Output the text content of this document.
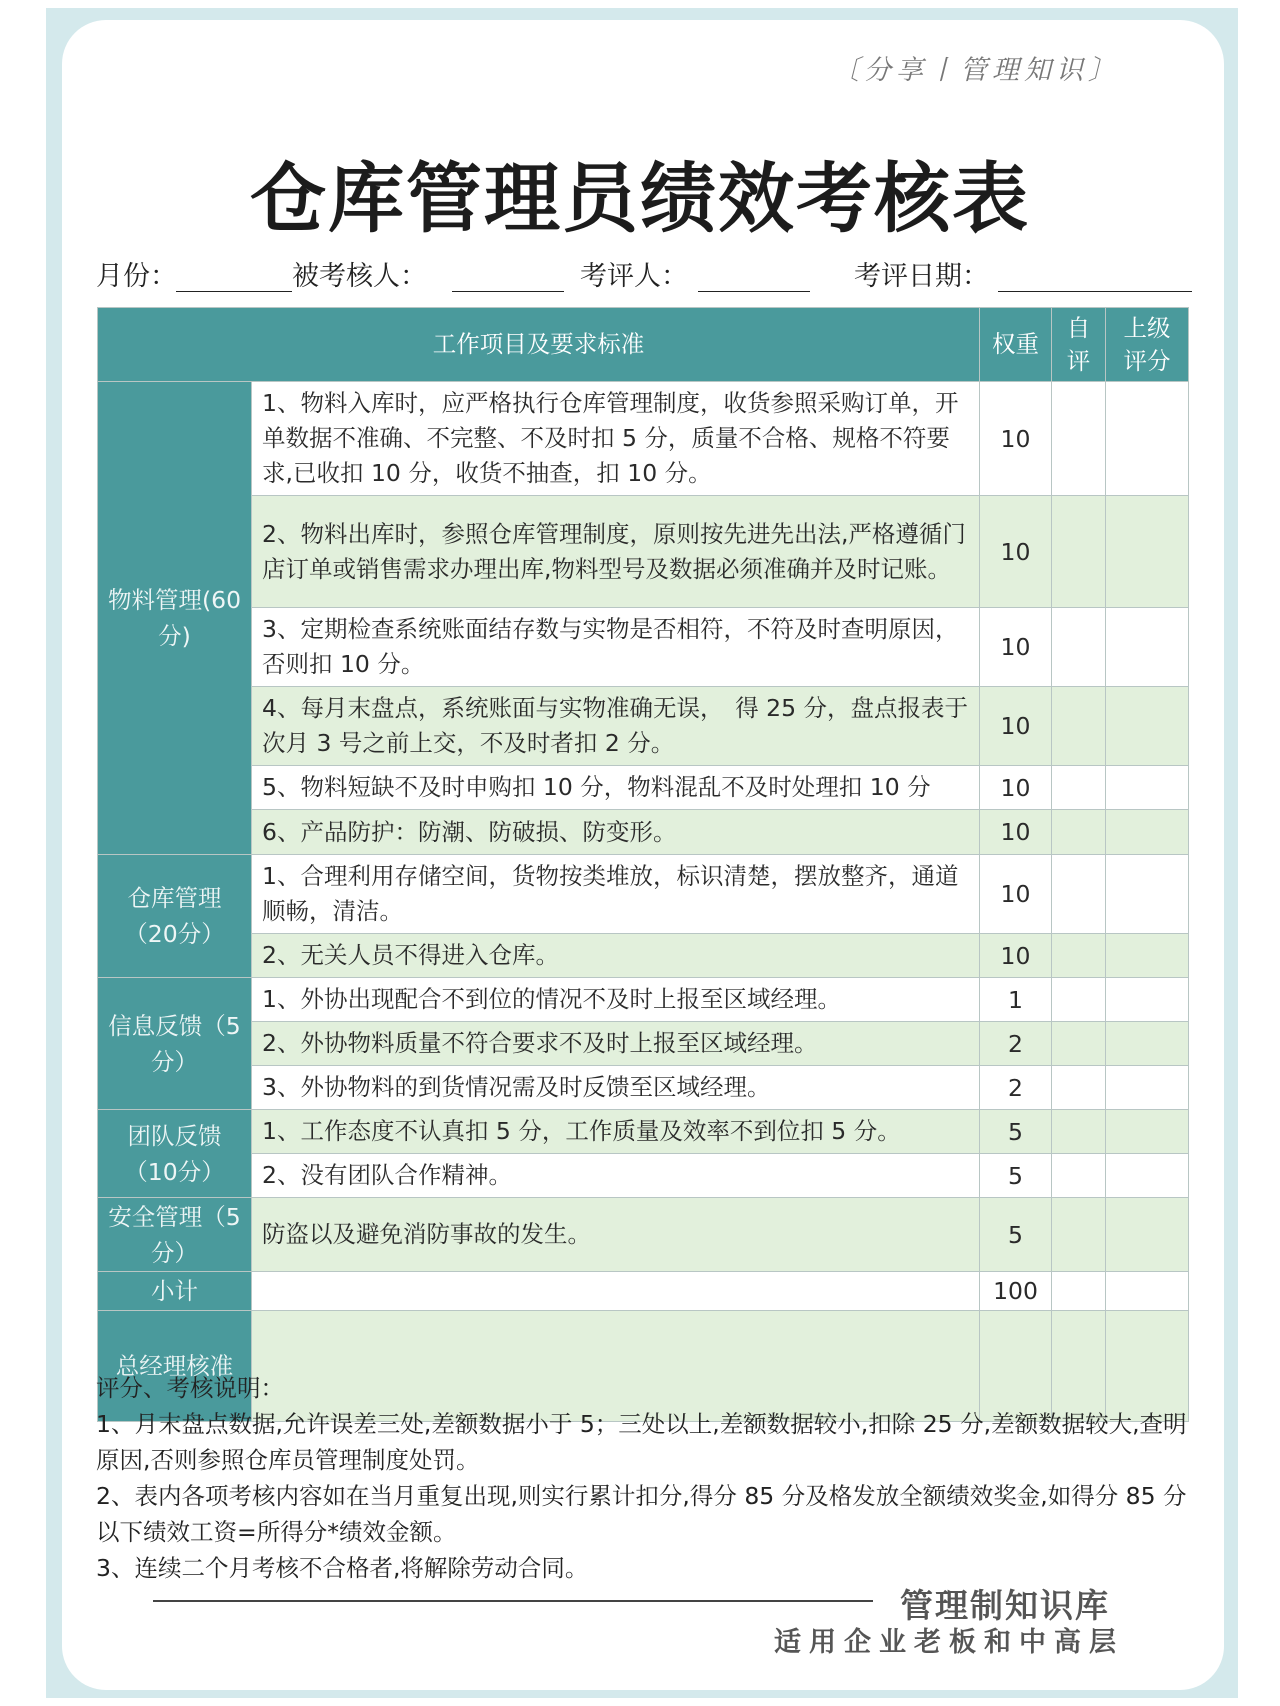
〔分享丨管理知识〕
仓库管理员绩效考核表
月份：	被考核人：	考评人：	考评日期：
工作项目及要求标准		权重	自评	上级评分
物料管理(60分)	1、物料入库时，应严格执行仓库管理制度，收货参照采购订单，开单数据不准确、不完整、不及时扣 5 分，质量不合格、规格不符要求,已收扣 10 分，收货不抽查，扣 10 分。	10		
	2、物料出库时，参照仓库管理制度，原则按先进先出法,严格遵循门店订单或销售需求办理出库,物料型号及数据必须准确并及时记账。	10		
	3、定期检查系统账面结存数与实物是否相符，不符及时查明原因，否则扣 10 分。	10		
	4、每月末盘点，系统账面与实物准确无误，　得 25 分，盘点报表于次月 3 号之前上交，不及时者扣 2 分。	10		
	5、物料短缺不及时申购扣 10 分，物料混乱不及时处理扣 10 分	10		
	6、产品防护：防潮、防破损、防变形。	10		
仓库管理（20分）	1、合理利用存储空间，货物按类堆放，标识清楚，摆放整齐，通道顺畅，清洁。	10		
	2、无关人员不得进入仓库。	10		
信息反馈（5分）	1、外协出现配合不到位的情况不及时上报至区域经理。	1		
	2、外协物料质量不符合要求不及时上报至区域经理。	2		
	3、外协物料的到货情况需及时反馈至区域经理。	2		
团队反馈（10分）	1、工作态度不认真扣 5 分，工作质量及效率不到位扣 5 分。	5		
	2、没有团队合作精神。	5		
安全管理（5分）	防盗以及避免消防事故的发生。	5		
小计		100		
总经理核准				
评分、考核说明：
1、月末盘点数据,允许误差三处,差额数据小于 5；三处以上,差额数据较小,扣除 25 分,差额数据较大,查明原因,否则参照仓库员管理制度处罚。
2、表内各项考核内容如在当月重复出现,则实行累计扣分,得分 85 分及格发放全额绩效奖金,如得分 85 分以下绩效工资=所得分*绩效金额。
3、连续二个月考核不合格者,将解除劳动合同。
管理制知识库
适用企业老板和中高层
